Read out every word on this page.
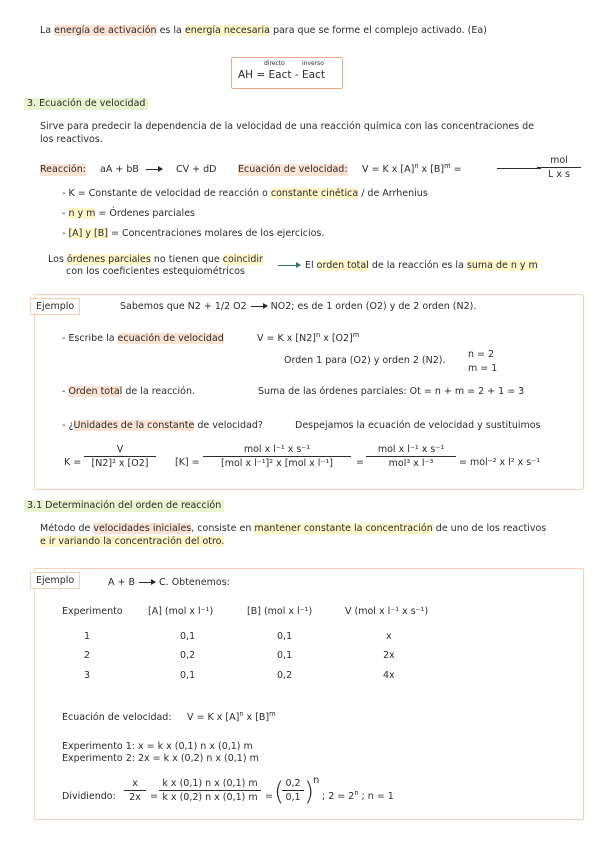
La energía de activación es la energía necesaria para que se forme el complejo activado. (Ea)
directo	inverso
AH = Eact - Eact
3. Ecuación de velocidad
Sirve para predecir la dependencia de la velocidad de una reacción química con las concentraciones de
los reactivos.
Reacción: aA + bB → CV + dD Ecuación de velocidad: V = K x $[A]^n$ x $[B]^m$ =
mol
L x s
- K = Constante de velocidad de reacción o constante cinética / de Arrhenius
- n y m = Órdenes parciales
- [A] y [B] = Concentraciones molares de los ejercicios.
Los órdenes parciales no tienen que coincidir
con los coeficientes estequiométricos
El orden total de la reacción es la suma de n y m
Ejemplo	Sabemos que N2 + 1/2 O2	NO2; es de 1 orden (O2) y de 2 orden (N2).
- Escribe la ecuación de velocidad	V = K x $[N2]^n$ x $[O2]^m$
Orden 1 para (O2) y orden 2 (N2).
n = 2
m = 1
- Orden total de la reacción.	Suma de las órdenes parciales: Ot = n + m = 2 + 1 = 3
- ¿Unidades de la constante de velocidad?	Despejamos la ecuación de velocidad y sustituimos
$K = \frac{V}{\text{[N2]² x [O2]}} [K]$ =
mol x l⁻¹ x s⁻¹
[mol x l⁻¹]² x [mol x l⁻¹]	=
mol x l⁻¹ x s⁻¹
mol³ x l⁻³	= mol⁻² x l² x s⁻¹
3.1 Determinación del orden de reacción
Método de velocidades iniciales, consiste en mantener constante la concentración de uno de los reactivos
e ir variando la concentración del otro.
Ejemplo	A + B	C. Obtenemos:
Experimento	[A] (mol x l⁻¹)	[B] (mol x l⁻¹)	V (mol x l⁻¹ x s⁻¹)
1	0,1	0,1	x
2	0,2	0,1	2x
3	0,1	0,2	4x
Ecuación de velocidad: V = K x $[A]^n$ x $[B]^m$
Experimento 1: x = k x (0,1) n x (0,1) m
Experimento 2: 2x = k x (0,2) n x (0,1) m
Dividiendo: $\frac{x}{2x} = \frac{\text{k x (0,1) n x (0,1) m}}{\text{k x (0,2) n x (0,1) m}}$ = (
$\frac{0,2}{0,1}$ )
n
; $2 = 2^n$ ; n = 1
